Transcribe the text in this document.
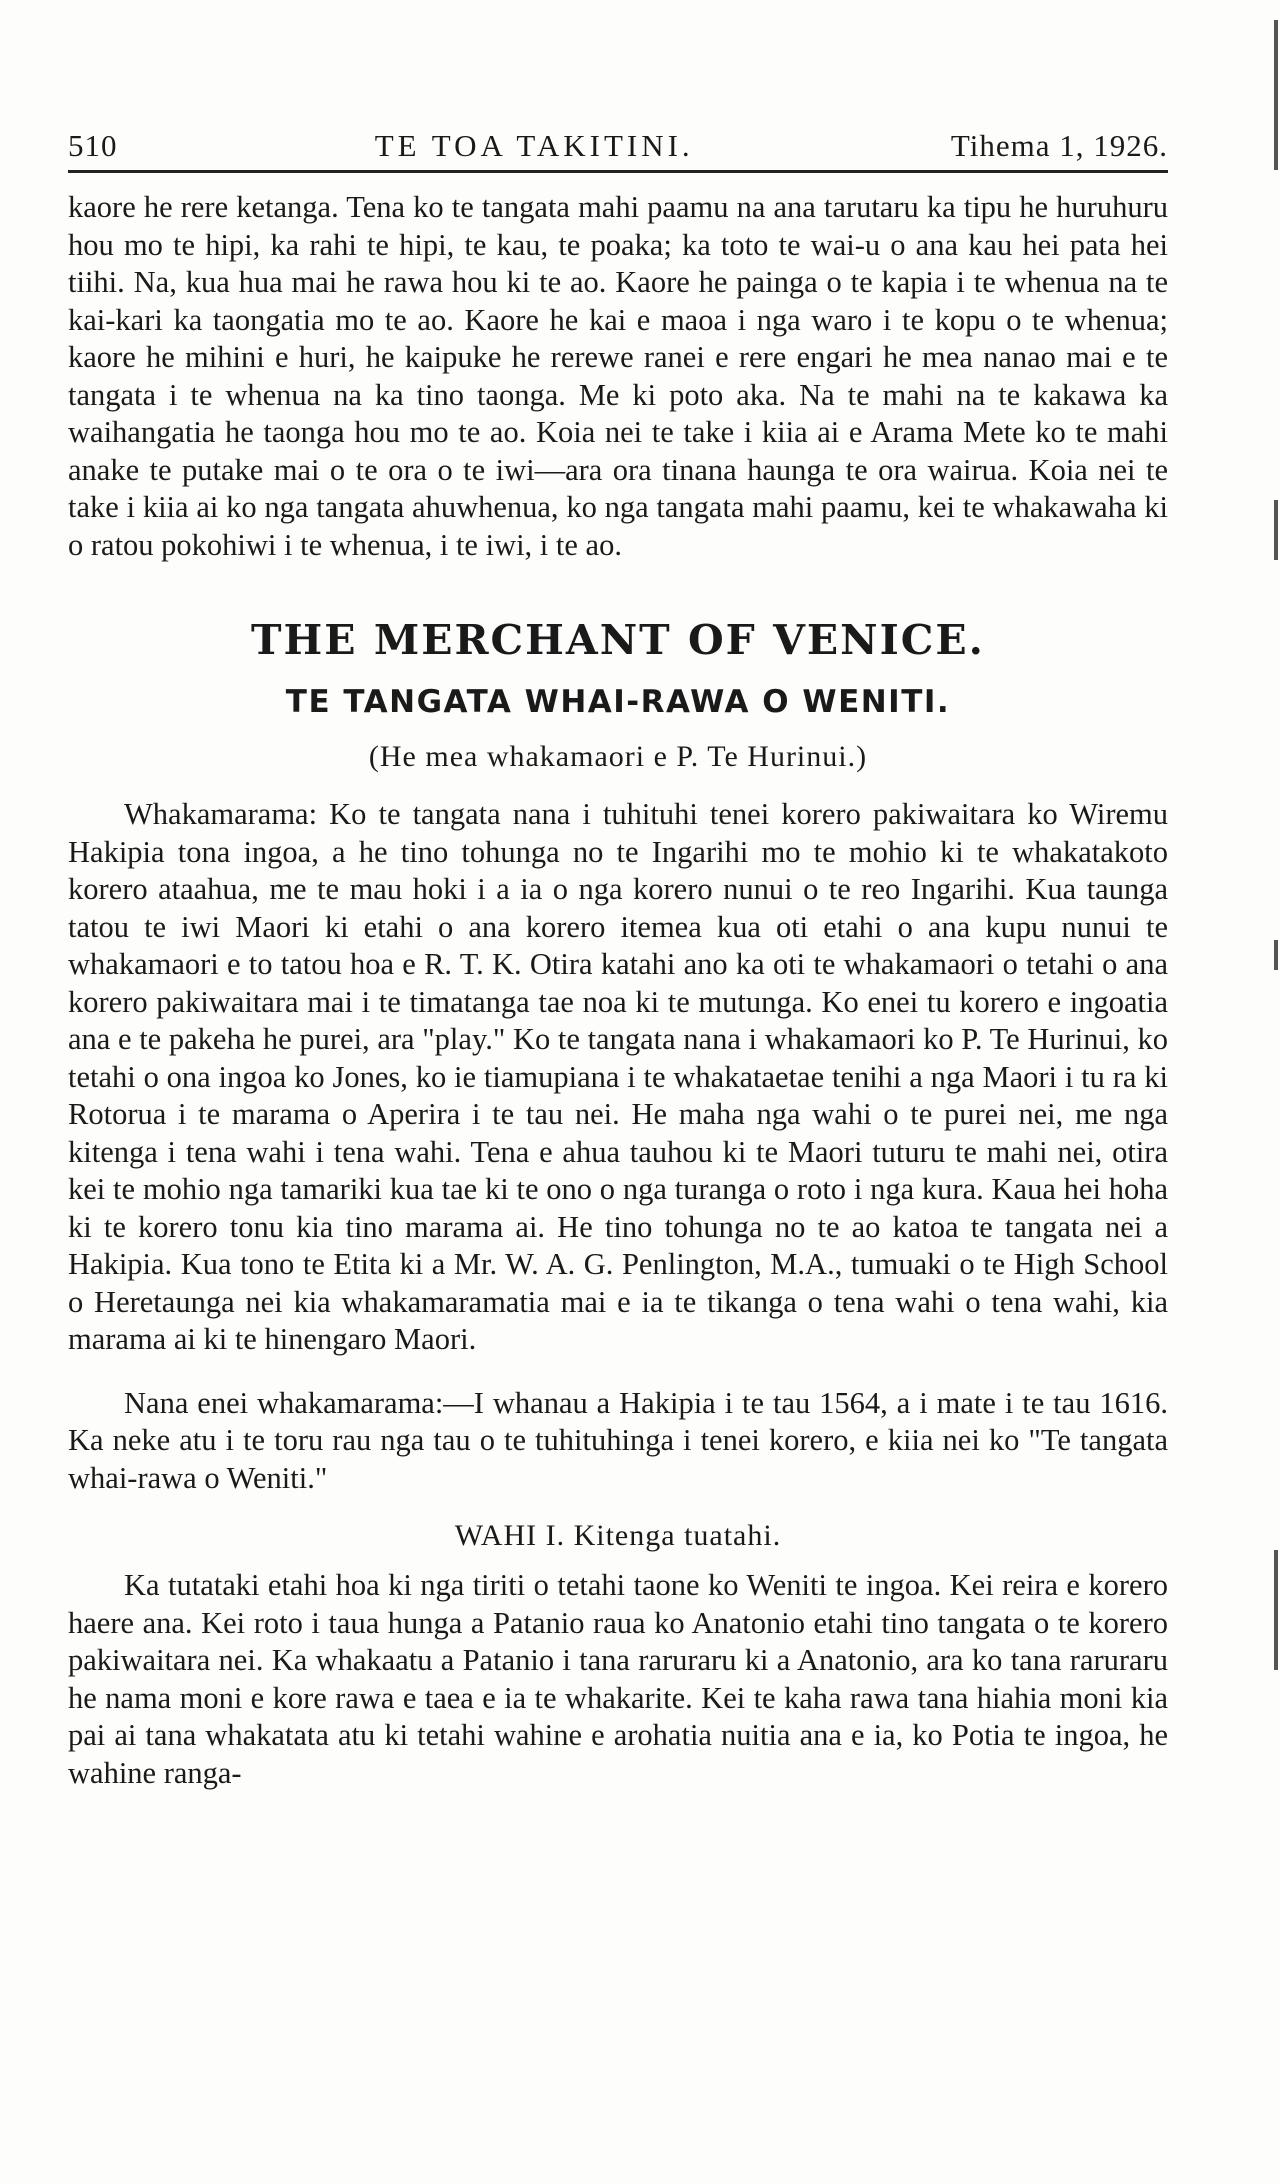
510	TE TOA TAKITINI.	Tihema 1, 1926.

kaore he rere ketanga. Tena ko te tangata mahi paamu na ana tarutaru ka tipu he huruhuru hou mo te hipi, ka rahi te hipi, te kau, te poaka; ka toto te wai-u o ana kau hei pata hei tiihi. Na, kua hua mai he rawa hou ki te ao. Kaore he painga o te kapia i te whenua na te kai-kari ka taongatia mo te ao. Kaore he kai e maoa i nga waro i te kopu o te whenua; kaore he mihini e huri, he kaipuke he rerewe ranei e rere engari he mea nanao mai e te tangata i te whenua na ka tino taonga. Me ki poto aka. Na te mahi na te kakawa ka waihangatia he taonga hou mo te ao. Koia nei te take i kiia ai e Arama Mete ko te mahi anake te putake mai o te ora o te iwi—ara ora tinana haunga te ora wairua. Koia nei te take i kiia ai ko nga tangata ahuwhenua, ko nga tangata mahi paamu, kei te whakawaha ki o ratou pokohiwi i te whenua, i te iwi, i te ao.

THE MERCHANT OF VENICE.
TE TANGATA WHAI-RAWA O WENITI.
(He mea whakamaori e P. Te Hurinui.)

Whakamarama: Ko te tangata nana i tuhituhi tenei korero pakiwaitara ko Wiremu Hakipia tona ingoa, a he tino tohunga no te Ingarihi mo te mohio ki te whakatakoto korero ataahua, me te mau hoki i a ia o nga korero nunui o te reo Ingarihi. Kua taunga tatou te iwi Maori ki etahi o ana korero itemea kua oti etahi o ana kupu nunui te whakamaori e to tatou hoa e R. T. K. Otira katahi ano ka oti te whakamaori o tetahi o ana korero pakiwaitara mai i te timatanga tae noa ki te mutunga. Ko enei tu korero e ingoatia ana e te pakeha he purei, ara "play." Ko te tangata nana i whakamaori ko P. Te Hurinui, ko tetahi o ona ingoa ko Jones, ko ie tiamupiana i te whakataetae tenihi a nga Maori i tu ra ki Rotorua i te marama o Aperira i te tau nei. He maha nga wahi o te purei nei, me nga kitenga i tena wahi i tena wahi. Tena e ahua tauhou ki te Maori tuturu te mahi nei, otira kei te mohio nga tamariki kua tae ki te ono o nga turanga o roto i nga kura. Kaua hei hoha ki te korero tonu kia tino marama ai. He tino tohunga no te ao katoa te tangata nei a Hakipia. Kua tono te Etita ki a Mr. W. A. G. Penlington, M.A., tumuaki o te High School o Heretaunga nei kia whakamaramatia mai e ia te tikanga o tena wahi o tena wahi, kia marama ai ki te hinengaro Maori.

Nana enei whakamarama:—I whanau a Hakipia i te tau 1564, a i mate i te tau 1616. Ka neke atu i te toru rau nga tau o te tuhituhinga i tenei korero, e kiia nei ko "Te tangata whai-rawa o Weniti."

WAHI I. Kitenga tuatahi.

Ka tutataki etahi hoa ki nga tiriti o tetahi taone ko Weniti te ingoa. Kei reira e korero haere ana. Kei roto i taua hunga a Patanio raua ko Anatonio etahi tino tangata o te korero pakiwaitara nei. Ka whakaatu a Patanio i tana raruraru ki a Anatonio, ara ko tana raruraru he nama moni e kore rawa e taea e ia te whakarite. Kei te kaha rawa tana hiahia moni kia pai ai tana whakatata atu ki tetahi wahine e arohatia nuitia ana e ia, ko Potia te ingoa, he wahine ranga-
